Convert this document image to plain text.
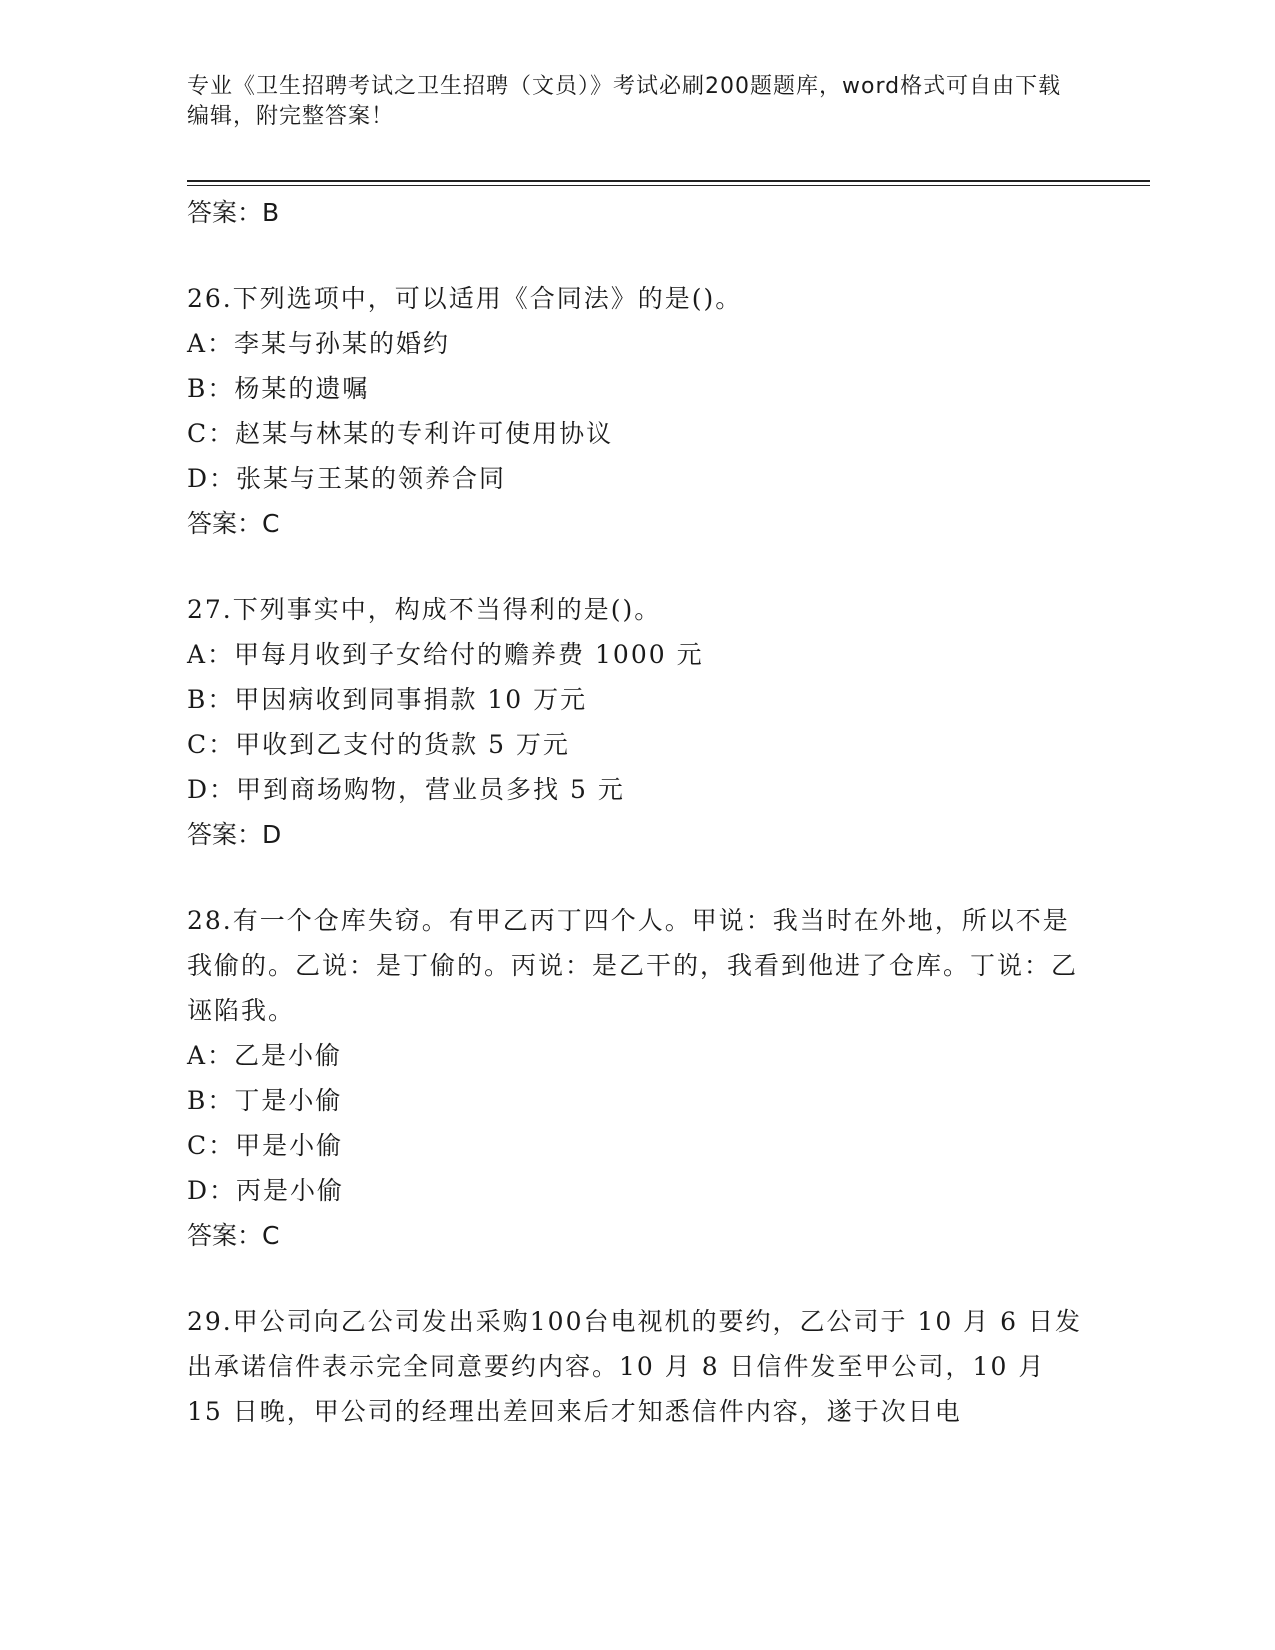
专业《卫生招聘考试之卫生招聘（文员）》考试必刷200题题库，word格式可自由下载编辑，附完整答案！
答案：B
26.下列选项中，可以适用《合同法》的是()。
A：李某与孙某的婚约
B：杨某的遗嘱
C：赵某与林某的专利许可使用协议
D：张某与王某的领养合同
答案：C
27.下列事实中，构成不当得利的是()。
A：甲每月收到子女给付的赡养费 1000 元
B：甲因病收到同事捐款 10 万元
C：甲收到乙支付的货款 5 万元
D：甲到商场购物，营业员多找 5 元
答案：D
28.有一个仓库失窃。有甲乙丙丁四个人。甲说：我当时在外地，所以不是我偷的。乙说：是丁偷的。丙说：是乙干的，我看到他进了仓库。丁说：乙诬陷我。
A：乙是小偷
B：丁是小偷
C：甲是小偷
D：丙是小偷
答案：C
29.甲公司向乙公司发出采购100台电视机的要约，乙公司于 10 月 6 日发出承诺信件表示完全同意要约内容。10 月 8 日信件发至甲公司，10 月 15 日晚，甲公司的经理出差回来后才知悉信件内容，遂于次日电
